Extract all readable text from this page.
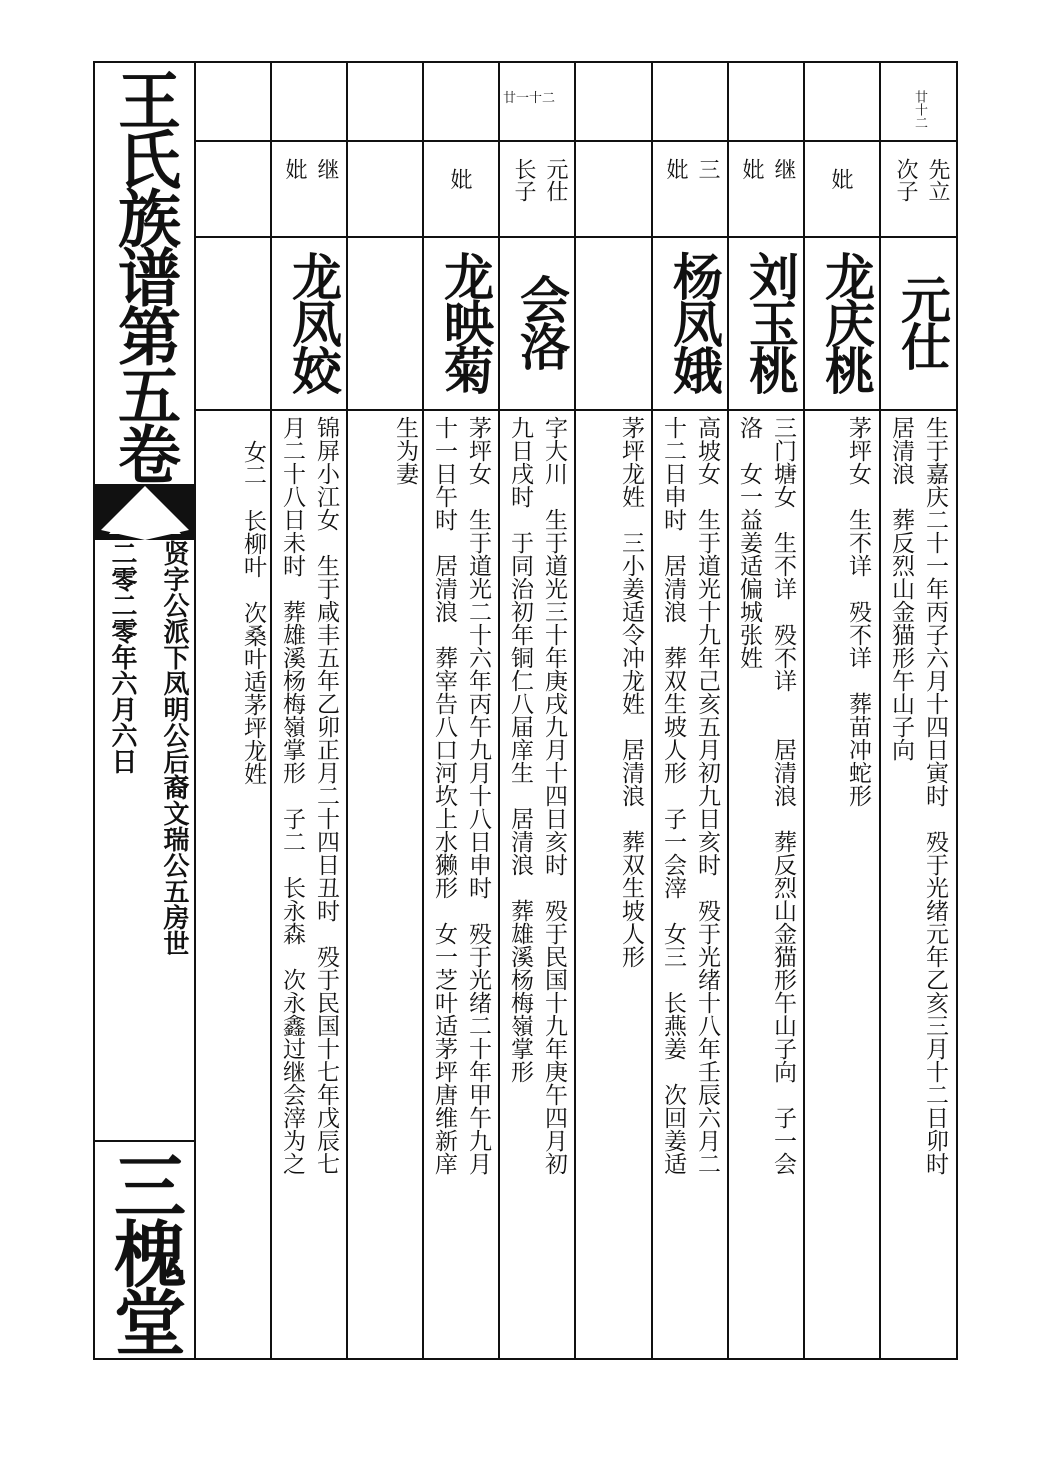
王氏族谱第五卷
贤字公派下凤明公后裔文瑞公五房世
二零二零年六月六日
三槐堂
廿十二
先立
次子
元仕
生于嘉庆二十一年丙子六月十四日寅时　殁于光绪元年乙亥三月十二日卯时
居清浪　葬反烈山金猫形午山子向
妣
龙庆桃
茅坪女　生不详　殁不详　葬苗冲蛇形
继
妣
刘玉桃
三门塘女　生不详　殁不详　　居清浪　葬反烈山金猫形午山子向　子一会
洛　女一益姜适偏城张姓
三
妣
杨凤娥
高坡女　生于道光十九年己亥五月初九日亥时　殁于光绪十八年壬辰六月二
十二日申时　居清浪　葬双生坡人形　子一会滓　女三　长燕姜　次回姜适
茅坪龙姓　三小姜适令冲龙姓　居清浪　葬双生坡人形
廿一十二
元仕
长子
会洛
字大川　生于道光三十年庚戌九月十四日亥时　殁于民国十九年庚午四月初
九日戌时　于同治初年铜仁八届庠生　居清浪　葬雄溪杨梅嶺掌形
妣
龙映菊
茅坪女　生于道光二十六年丙午九月十八日申时　殁于光绪二十年甲午九月
十一日午时　居清浪　葬宰告八口河坎上水獭形　女一芝叶适茅坪唐维新庠
生为妻
继
妣
龙凤姣
锦屏小江女　生于咸丰五年乙卯正月二十四日丑时　殁于民国十七年戊辰七
月二十八日未时　葬雄溪杨梅嶺掌形　子二　长永森　次永鑫过继会滓为之
女二　长柳叶　次桑叶适茅坪龙姓
